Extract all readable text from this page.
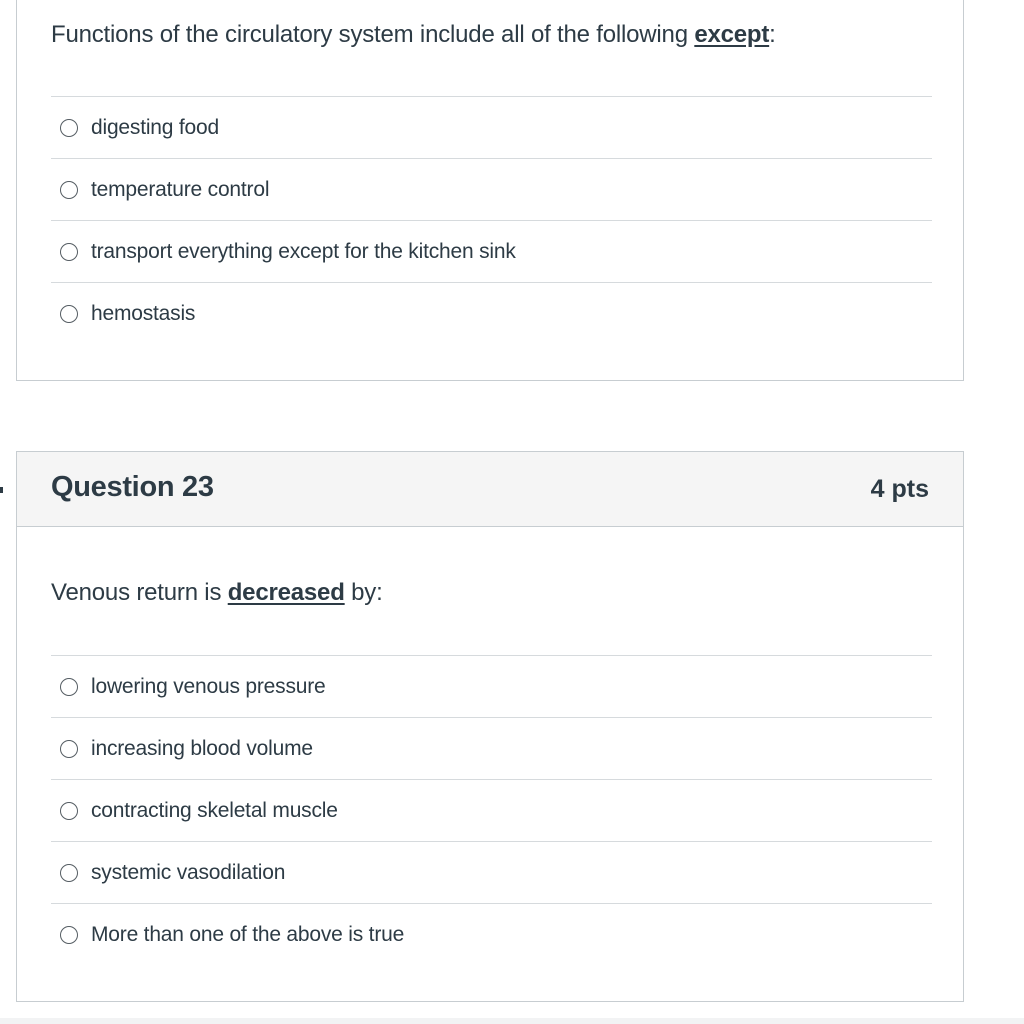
Functions of the circulatory system include all of the following except:
digesting food
temperature control
transport everything except for the kitchen sink
hemostasis
Question 23	4 pts
Venous return is decreased by:
lowering venous pressure
increasing blood volume
contracting skeletal muscle
systemic vasodilation
More than one of the above is true
